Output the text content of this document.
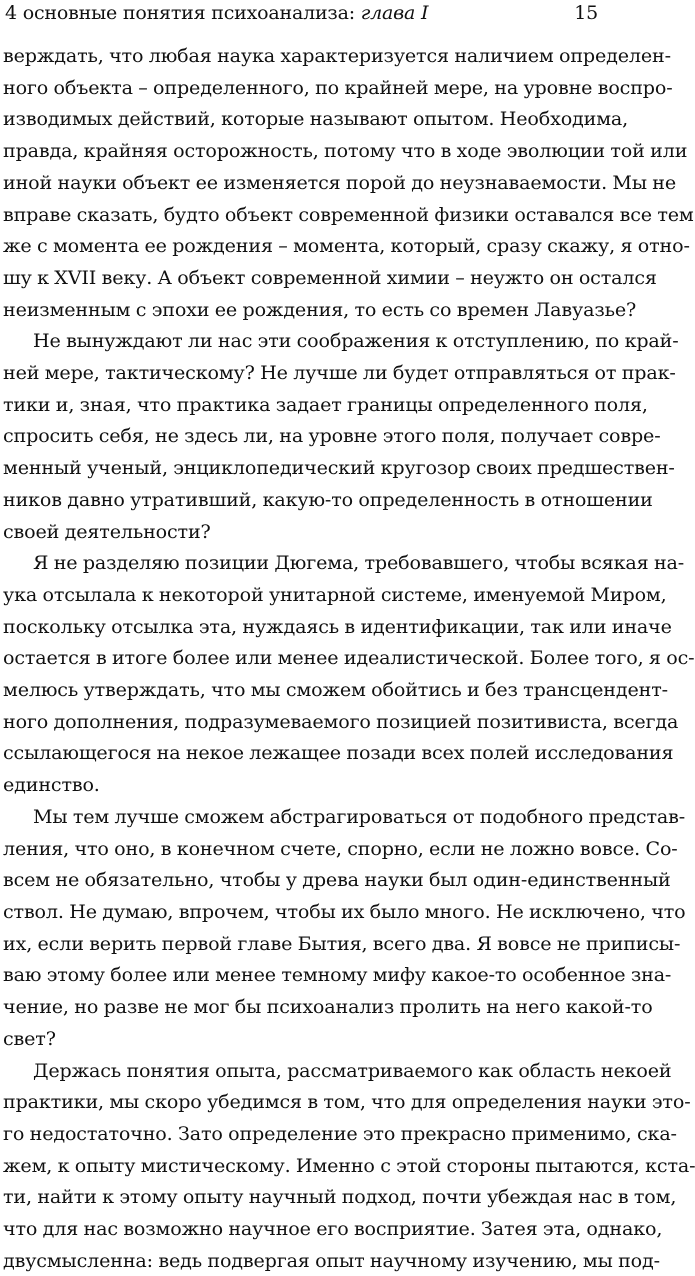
4 основные понятия психоанализа: глава I	15

верждать, что любая наука характеризуется наличием определен-
ного объекта – определенного, по крайней мере, на уровне воспро-
изводимых действий, которые называют опытом. Необходима,
правда, крайняя осторожность, потому что в ходе эволюции той или
иной науки объект ее изменяется порой до неузнаваемости. Мы не
вправе сказать, будто объект современной физики оставался все тем
же с момента ее рождения – момента, который, сразу скажу, я отно-
шу к XVII веку. А объект современной химии – неужто он остался
неизменным с эпохи ее рождения, то есть со времен Лавуазье?

Не вынуждают ли нас эти соображения к отступлению, по край-
ней мере, тактическому? Не лучше ли будет отправляться от прак-
тики и, зная, что практика задает границы определенного поля,
спросить себя, не здесь ли, на уровне этого поля, получает совре-
менный ученый, энциклопедический кругозор своих предшествен-
ников давно утративший, какую-то определенность в отношении
своей деятельности?

Я не разделяю позиции Дюгема, требовавшего, чтобы всякая на-
ука отсылала к некоторой унитарной системе, именуемой Миром,
поскольку отсылка эта, нуждаясь в идентификации, так или иначе
остается в итоге более или менее идеалистической. Более того, я ос-
мелюсь утверждать, что мы сможем обойтись и без трансцендент-
ного дополнения, подразумеваемого позицией позитивиста, всегда
ссылающегося на некое лежащее позади всех полей исследования
единство.

Мы тем лучше сможем абстрагироваться от подобного представ-
ления, что оно, в конечном счете, спорно, если не ложно вовсе. Со-
всем не обязательно, чтобы у древа науки был один-единственный
ствол. Не думаю, впрочем, чтобы их было много. Не исключено, что
их, если верить первой главе Бытия, всего два. Я вовсе не приписы-
ваю этому более или менее темному мифу какое-то особенное зна-
чение, но разве не мог бы психоанализ пролить на него какой-то
свет?

Держась понятия опыта, рассматриваемого как область некоей
практики, мы скоро убедимся в том, что для определения науки это-
го недостаточно. Зато определение это прекрасно применимо, ска-
жем, к опыту мистическому. Именно с этой стороны пытаются, кста-
ти, найти к этому опыту научный подход, почти убеждая нас в том,
что для нас возможно научное его восприятие. Затея эта, однако,
двусмысленна: ведь подвергая опыт научному изучению, мы под-
